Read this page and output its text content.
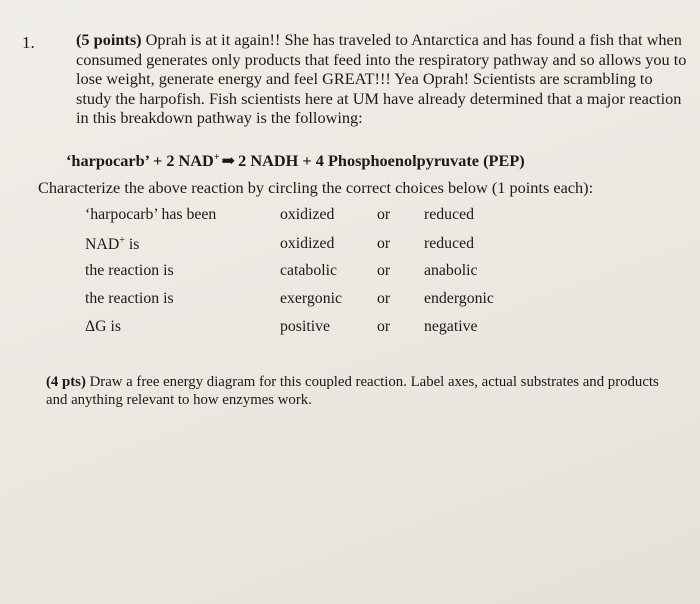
1.	(5 points) Oprah is at it again!! She has traveled to Antarctica and has found a fish that when consumed generates only products that feed into the respiratory pathway and so allows you to lose weight, generate energy and feel GREAT!!! Yea Oprah! Scientists are scrambling to study the harpofish. Fish scientists here at UM have already determined that a major reaction in this breakdown pathway is the following:

‘harpocarb’ + 2 NAD+ ➡ 2 NADH + 4 Phosphoenolpyruvate (PEP)
Characterize the above reaction by circling the correct choices below (1 points each):
‘harpocarb’ has been	oxidized	or reduced
NAD+ is	oxidized	or reduced
the reaction is	catabolic	or anabolic
the reaction is	exergonic or endergonic
ΔG is	positive	or negative

(4 pts) Draw a free energy diagram for this coupled reaction. Label axes, actual substrates and products and anything relevant to how enzymes work.
